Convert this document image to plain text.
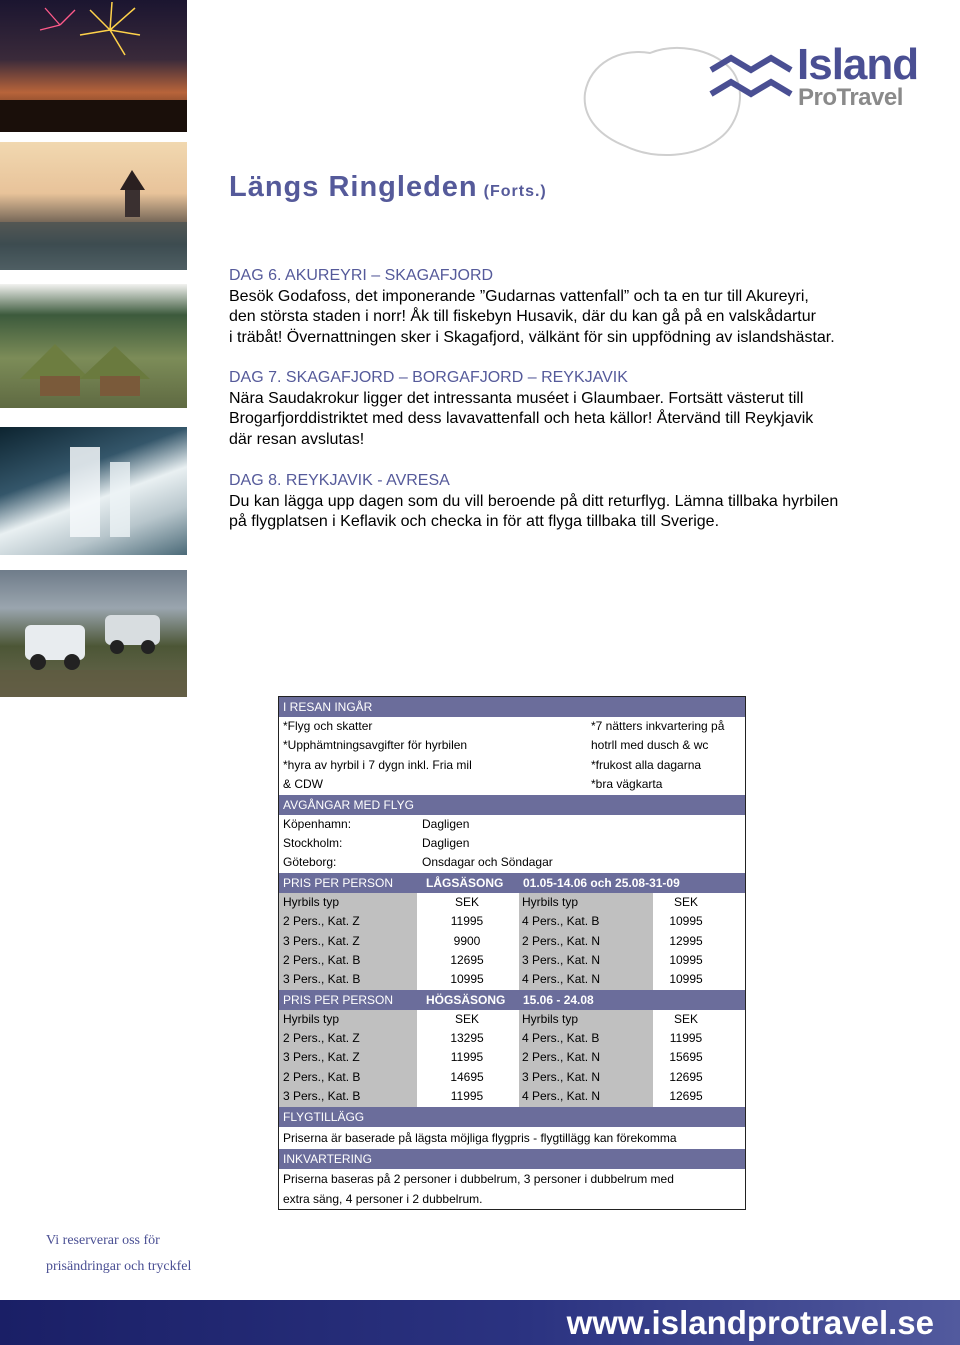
Island
ProTravel
Längs Ringleden (Forts.)
DAG 6. AKUREYRI – SKAGAFJORD
Besök Godafoss, det imponerande ”Gudarnas vattenfall” och ta en tur till Akureyri,
den största staden i norr! Åk till fiskebyn Husavik, där du kan gå på en valskådartur
i träbåt! Övernattningen sker i Skagafjord, välkänt för sin uppfödning av islandshästar.
DAG 7. SKAGAFJORD – BORGAFJORD – REYKJAVIK
Nära Saudakrokur ligger det intressanta muséet i Glaumbaer. Fortsätt västerut till
Brogarfjorddistriktet med dess lavavattenfall och heta källor! Återvänd till Reykjavik
där resan avslutas!
DAG 8. REYKJAVIK - AVRESA
Du kan lägga upp dagen som du vill beroende på ditt returflyg. Lämna tillbaka hyrbilen
på flygplatsen i Keflavik och checka in för att flyga tillbaka till Sverige.
I RESAN INGÅR
*Flyg och skatter	*7 nätters inkvartering på
*Upphämtningsavgifter för hyrbilen	hotrll med dusch & wc
*hyra av hyrbil i 7 dygn inkl. Fria mil	*frukost alla dagarna
& CDW	*bra vägkarta
AVGÅNGAR MED FLYG
Köpenhamn:	Dagligen
Stockholm:	Dagligen
Göteborg:	Onsdagar och Söndagar
PRIS PER PERSON	LÅGSÄSONG 01.05-14.06 och 25.08-31-09
Hyrbils typ	SEK	Hyrbils typ	SEK
2 Pers., Kat. Z	11995	4 Pers., Kat. B	10995
3 Pers., Kat. Z	9900	2 Pers., Kat. N	12995
2 Pers., Kat. B	12695	3 Pers., Kat. N	10995
3 Pers., Kat. B	10995	4 Pers., Kat. N	10995
PRIS PER PERSON	HÖGSÄSONG 15.06 - 24.08
Hyrbils typ	SEK	Hyrbils typ	SEK
2 Pers., Kat. Z	13295	4 Pers., Kat. B	11995
3 Pers., Kat. Z	11995	2 Pers., Kat. N	15695
2 Pers., Kat. B	14695	3 Pers., Kat. N	12695
3 Pers., Kat. B	11995	4 Pers., Kat. N	12695
FLYGTILLÄGG
Priserna är baserade på lägsta möjliga flygpris - flygtillägg kan förekomma
INKVARTERING
Priserna baseras på 2 personer i dubbelrum, 3 personer i dubbelrum med
extra säng, 4 personer i 2 dubbelrum.
Vi reserverar oss för
prisändringar och tryckfel
www.islandprotravel.se
